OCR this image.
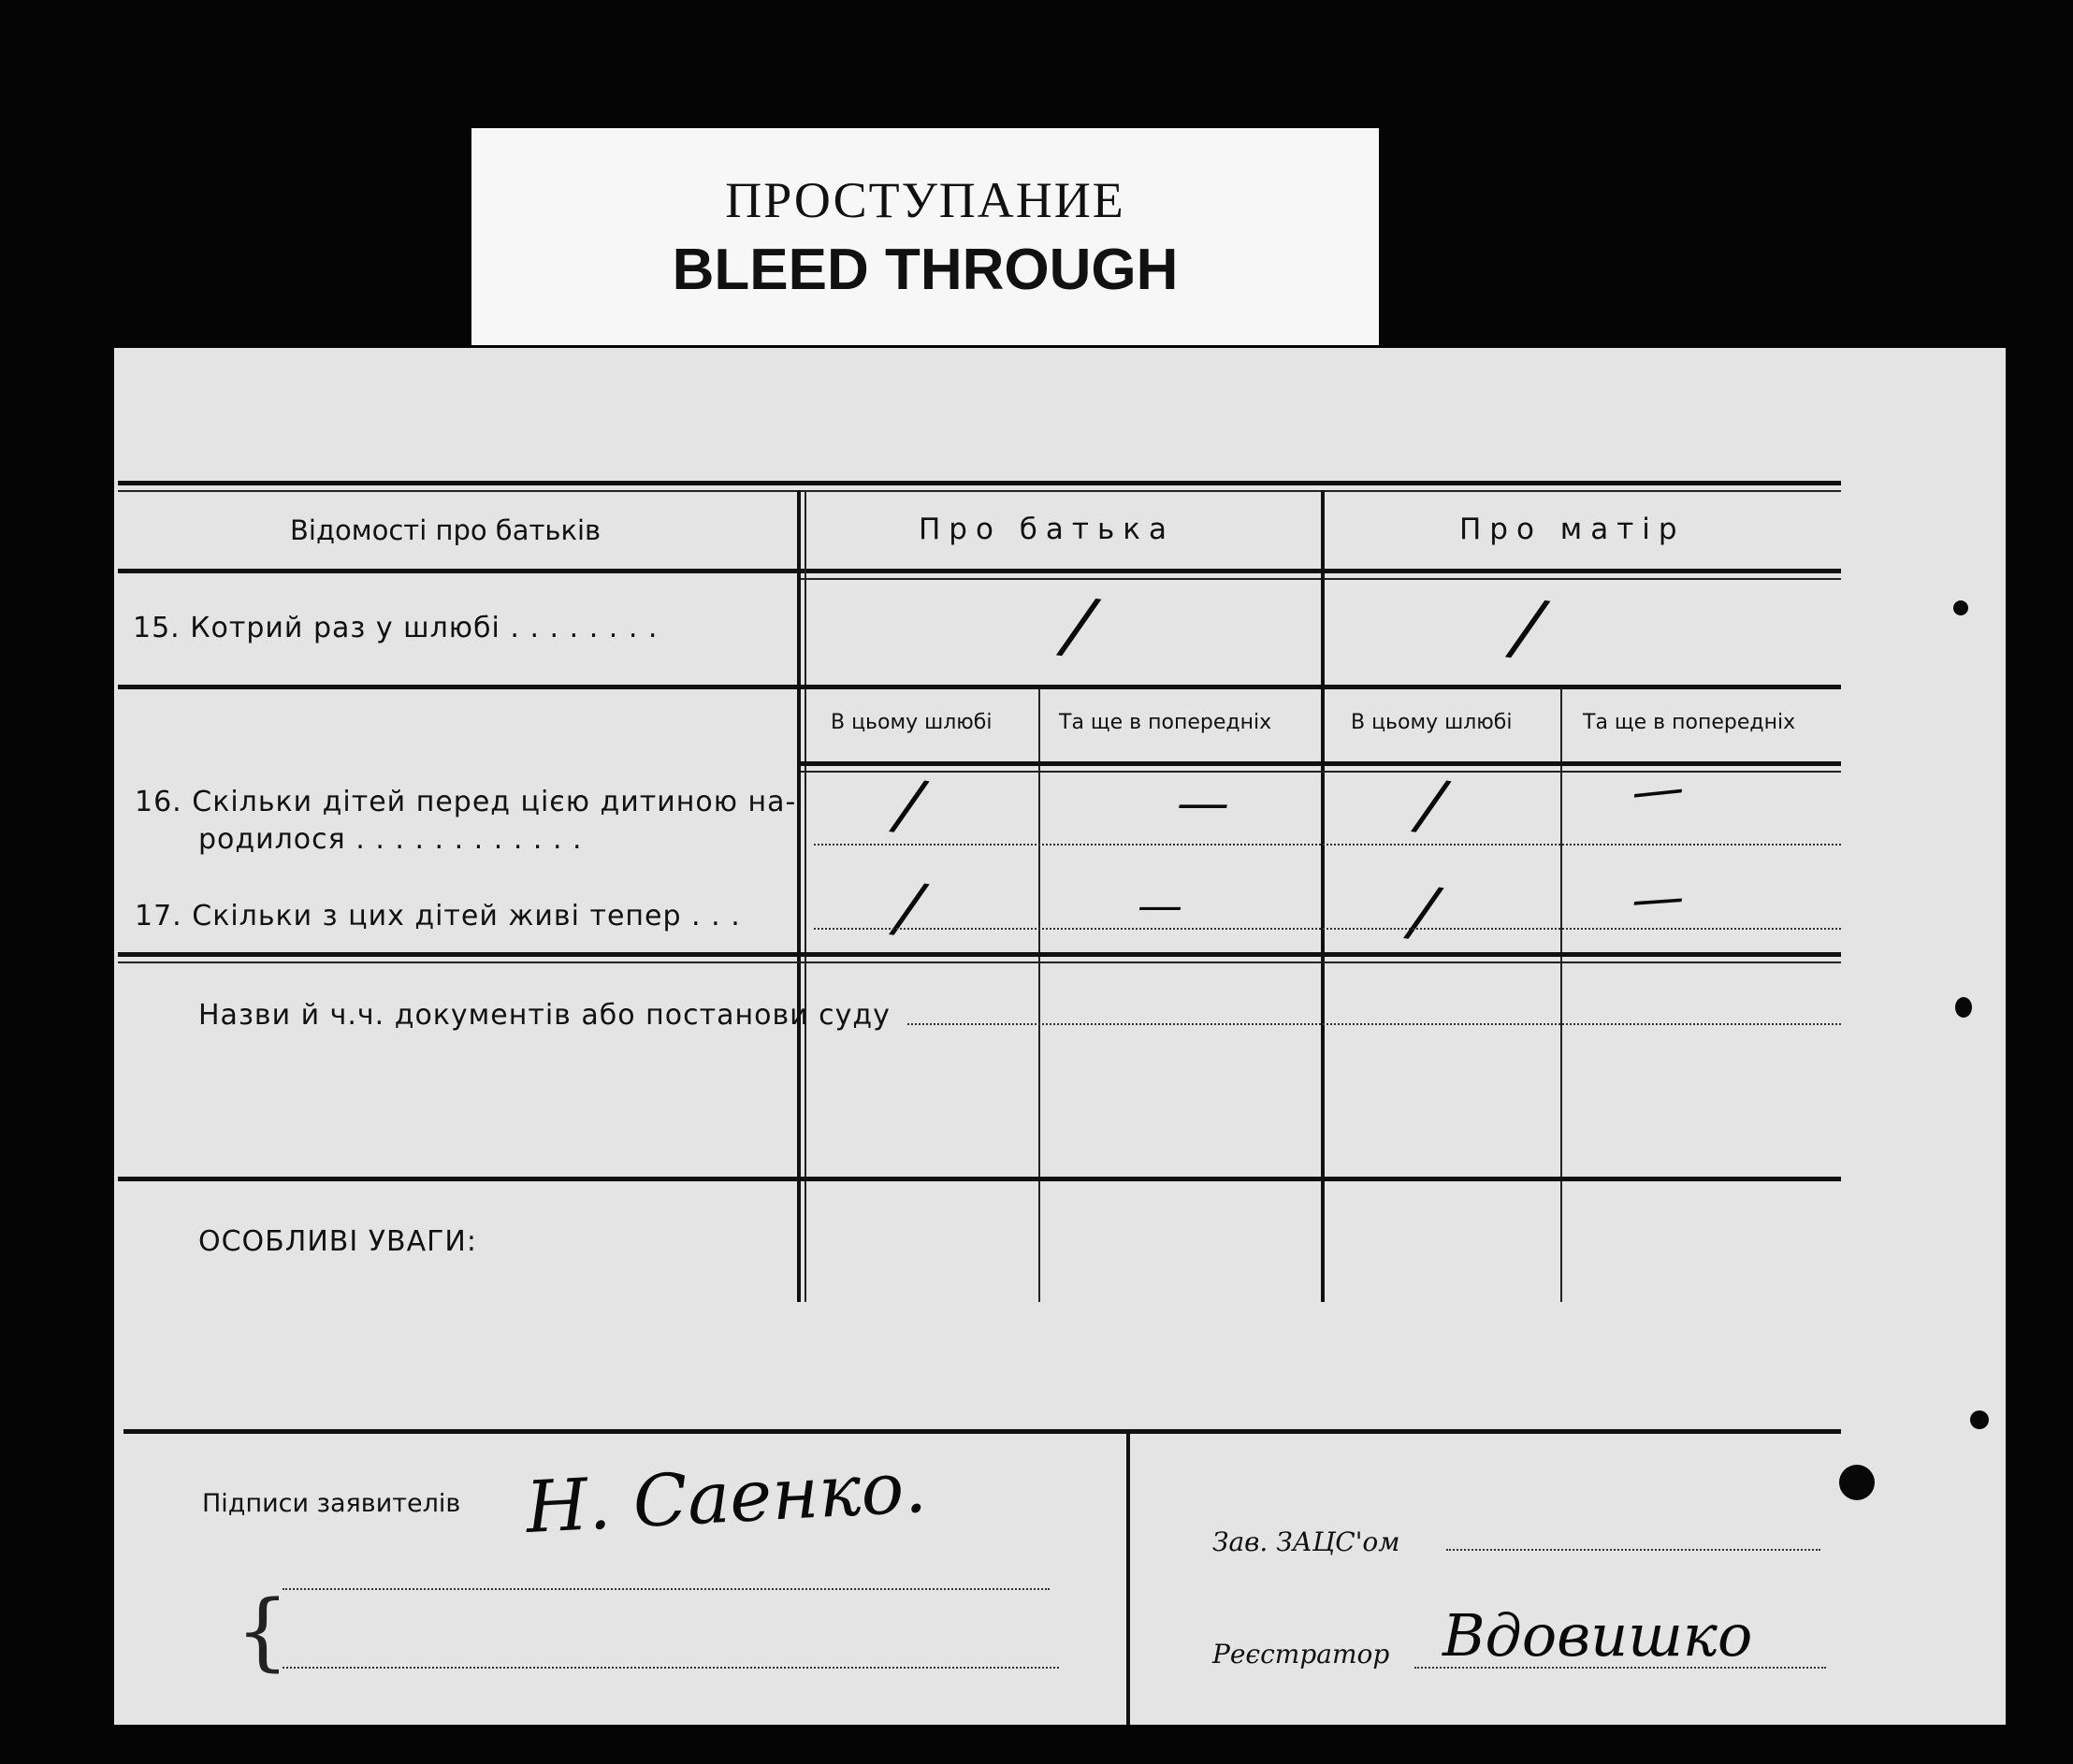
ПРОСТУПАНИЕ
BLEED THROUGH
Відомості про батьків	Про батька	Про матір
15. Котрий раз у шлюбі . . . . . . . .	/	/
В цьому шлюбі	Та ще в попередніх	В цьому шлюбі	Та ще в попередніх
16. Скільки дітей перед цією дитиною на-
родилося . . . . . . . . . . . .	/	—	/	—
17. Скільки з цих дітей живі тепер . . . /	—	/	—
Назви й ч.ч. документів або постанови суду
ОСОБЛИВІ УВАГИ:
Підписи заявителів Н. Саенко.
{
Зав. ЗАЦС'ом
Реєстратор Вдовишко
